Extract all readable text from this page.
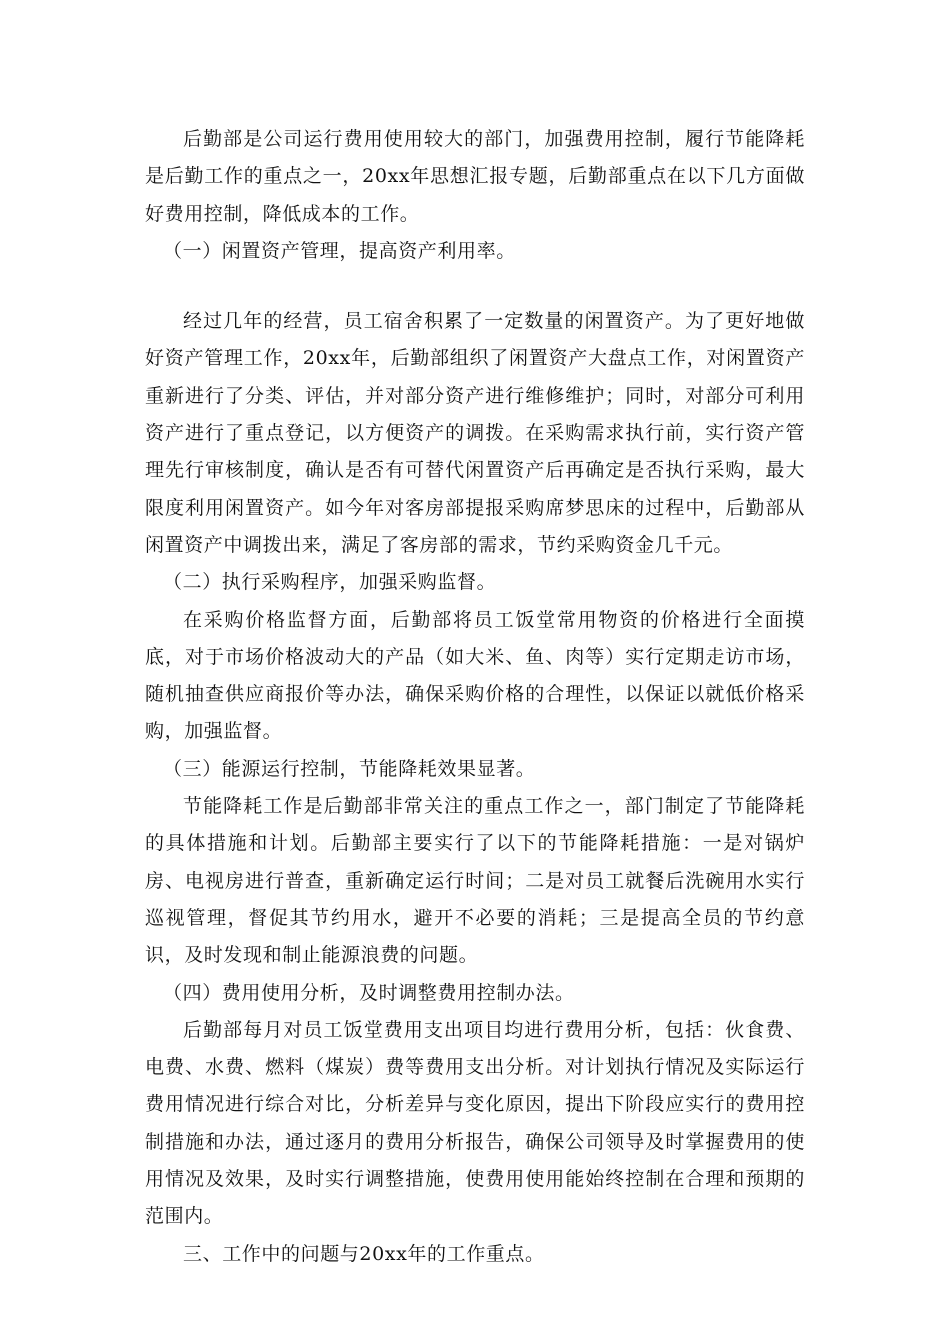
后勤部是公司运行费用使用较大的部门，加强费用控制，履行节能降耗是后勤工作的重点之一，20xx年思想汇报专题，后勤部重点在以下几方面做好费用控制，降低成本的工作。

（一）闲置资产管理，提高资产利用率。

经过几年的经营，员工宿舍积累了一定数量的闲置资产。为了更好地做好资产管理工作，20xx年，后勤部组织了闲置资产大盘点工作，对闲置资产重新进行了分类、评估，并对部分资产进行维修维护；同时，对部分可利用资产进行了重点登记，以方便资产的调拨。在采购需求执行前，实行资产管理先行审核制度，确认是否有可替代闲置资产后再确定是否执行采购，最大限度利用闲置资产。如今年对客房部提报采购席梦思床的过程中，后勤部从闲置资产中调拨出来，满足了客房部的需求，节约采购资金几千元。

（二）执行采购程序，加强采购监督。

在采购价格监督方面，后勤部将员工饭堂常用物资的价格进行全面摸底，对于市场价格波动大的产品（如大米、鱼、肉等）实行定期走访市场，随机抽查供应商报价等办法，确保采购价格的合理性，以保证以就低价格采购，加强监督。

（三）能源运行控制，节能降耗效果显著。

节能降耗工作是后勤部非常关注的重点工作之一，部门制定了节能降耗的具体措施和计划。后勤部主要实行了以下的节能降耗措施：一是对锅炉房、电视房进行普查，重新确定运行时间；二是对员工就餐后洗碗用水实行巡视管理，督促其节约用水，避开不必要的消耗；三是提高全员的节约意识，及时发现和制止能源浪费的问题。

（四）费用使用分析，及时调整费用控制办法。

后勤部每月对员工饭堂费用支出项目均进行费用分析，包括：伙食费、电费、水费、燃料（煤炭）费等费用支出分析。对计划执行情况及实际运行费用情况进行综合对比，分析差异与变化原因，提出下阶段应实行的费用控制措施和办法，通过逐月的费用分析报告，确保公司领导及时掌握费用的使用情况及效果，及时实行调整措施，使费用使用能始终控制在合理和预期的范围内。

三、工作中的问题与20xx年的工作重点。
